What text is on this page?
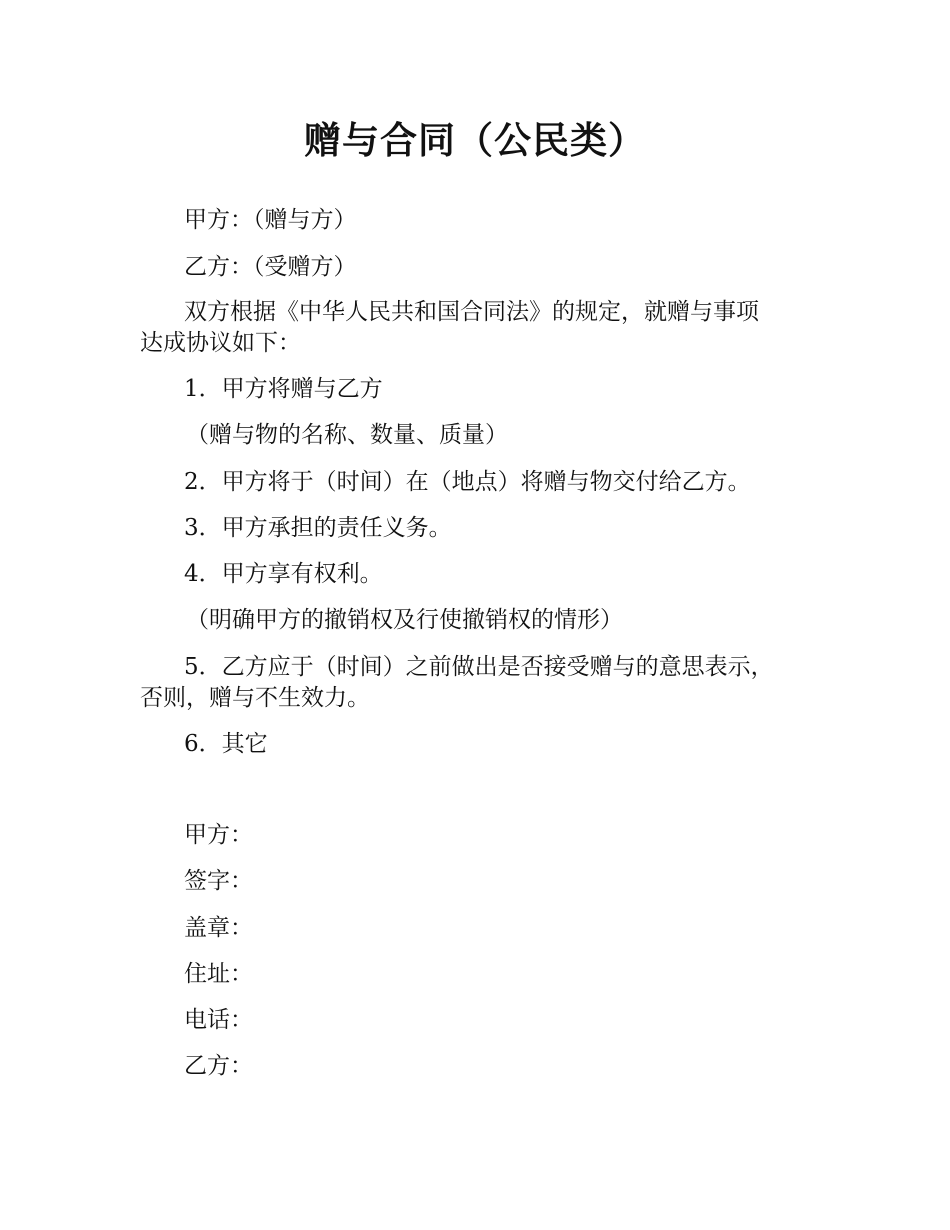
赠与合同（公民类）
甲方：（赠与方）
乙方：（受赠方）
双方根据《中华人民共和国合同法》的规定，就赠与事项
达成协议如下：
1．甲方将赠与乙方
（赠与物的名称、数量、质量）
2．甲方将于（时间）在（地点）将赠与物交付给乙方。
3．甲方承担的责任义务。
4．甲方享有权利。
（明确甲方的撤销权及行使撤销权的情形）
5．乙方应于（时间）之前做出是否接受赠与的意思表示，
否则，赠与不生效力。
6．其它
甲方：
签字：
盖章：
住址：
电话：
乙方：
